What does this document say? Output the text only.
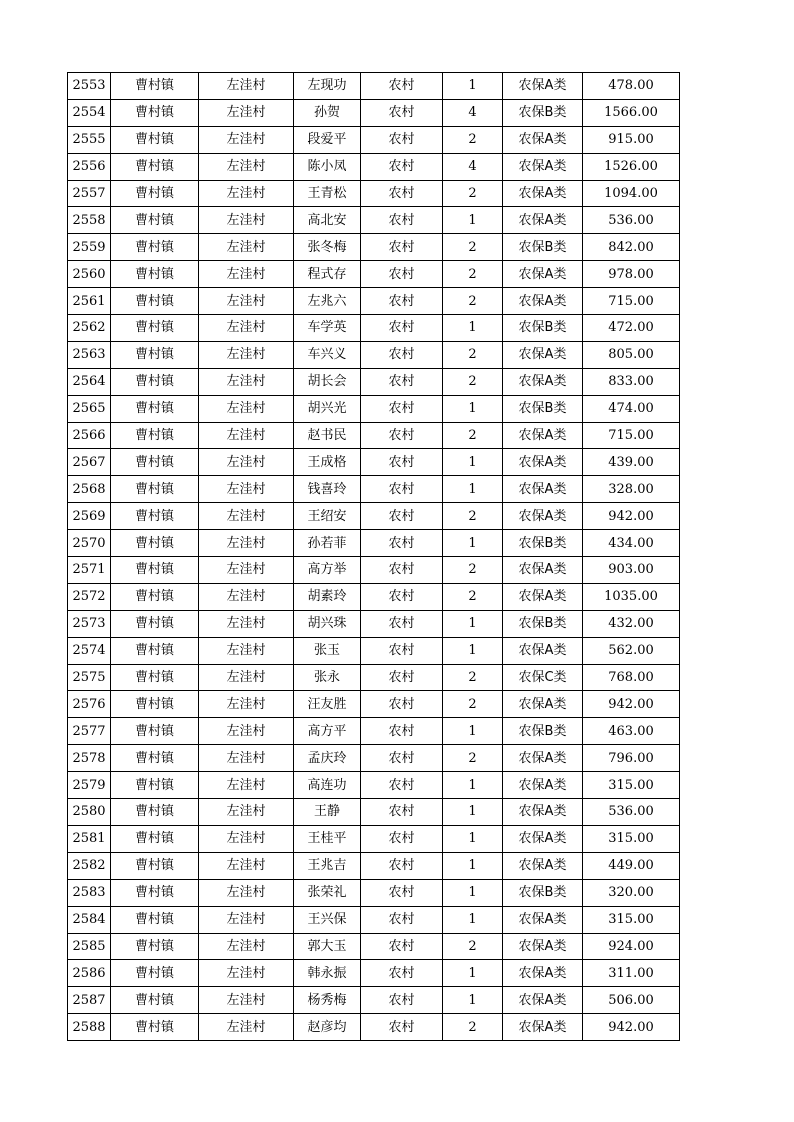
2553	曹村镇	左洼村	左现功	农村	1	农保A类	478.00
2554	曹村镇	左洼村	孙贺	农村	4	农保B类	1566.00
2555	曹村镇	左洼村	段爱平	农村	2	农保A类	915.00
2556	曹村镇	左洼村	陈小凤	农村	4	农保A类	1526.00
2557	曹村镇	左洼村	王青松	农村	2	农保A类	1094.00
2558	曹村镇	左洼村	高北安	农村	1	农保A类	536.00
2559	曹村镇	左洼村	张冬梅	农村	2	农保B类	842.00
2560	曹村镇	左洼村	程式存	农村	2	农保A类	978.00
2561	曹村镇	左洼村	左兆六	农村	2	农保A类	715.00
2562	曹村镇	左洼村	车学英	农村	1	农保B类	472.00
2563	曹村镇	左洼村	车兴义	农村	2	农保A类	805.00
2564	曹村镇	左洼村	胡长会	农村	2	农保A类	833.00
2565	曹村镇	左洼村	胡兴光	农村	1	农保B类	474.00
2566	曹村镇	左洼村	赵书民	农村	2	农保A类	715.00
2567	曹村镇	左洼村	王成格	农村	1	农保A类	439.00
2568	曹村镇	左洼村	钱喜玲	农村	1	农保A类	328.00
2569	曹村镇	左洼村	王绍安	农村	2	农保A类	942.00
2570	曹村镇	左洼村	孙若菲	农村	1	农保B类	434.00
2571	曹村镇	左洼村	高方举	农村	2	农保A类	903.00
2572	曹村镇	左洼村	胡素玲	农村	2	农保A类	1035.00
2573	曹村镇	左洼村	胡兴珠	农村	1	农保B类	432.00
2574	曹村镇	左洼村	张玉	农村	1	农保A类	562.00
2575	曹村镇	左洼村	张永	农村	2	农保C类	768.00
2576	曹村镇	左洼村	汪友胜	农村	2	农保A类	942.00
2577	曹村镇	左洼村	高方平	农村	1	农保B类	463.00
2578	曹村镇	左洼村	孟庆玲	农村	2	农保A类	796.00
2579	曹村镇	左洼村	高连功	农村	1	农保A类	315.00
2580	曹村镇	左洼村	王静	农村	1	农保A类	536.00
2581	曹村镇	左洼村	王桂平	农村	1	农保A类	315.00
2582	曹村镇	左洼村	王兆吉	农村	1	农保A类	449.00
2583	曹村镇	左洼村	张荣礼	农村	1	农保B类	320.00
2584	曹村镇	左洼村	王兴保	农村	1	农保A类	315.00
2585	曹村镇	左洼村	郭大玉	农村	2	农保A类	924.00
2586	曹村镇	左洼村	韩永振	农村	1	农保A类	311.00
2587	曹村镇	左洼村	杨秀梅	农村	1	农保A类	506.00
2588	曹村镇	左洼村	赵彦均	农村	2	农保A类	942.00
